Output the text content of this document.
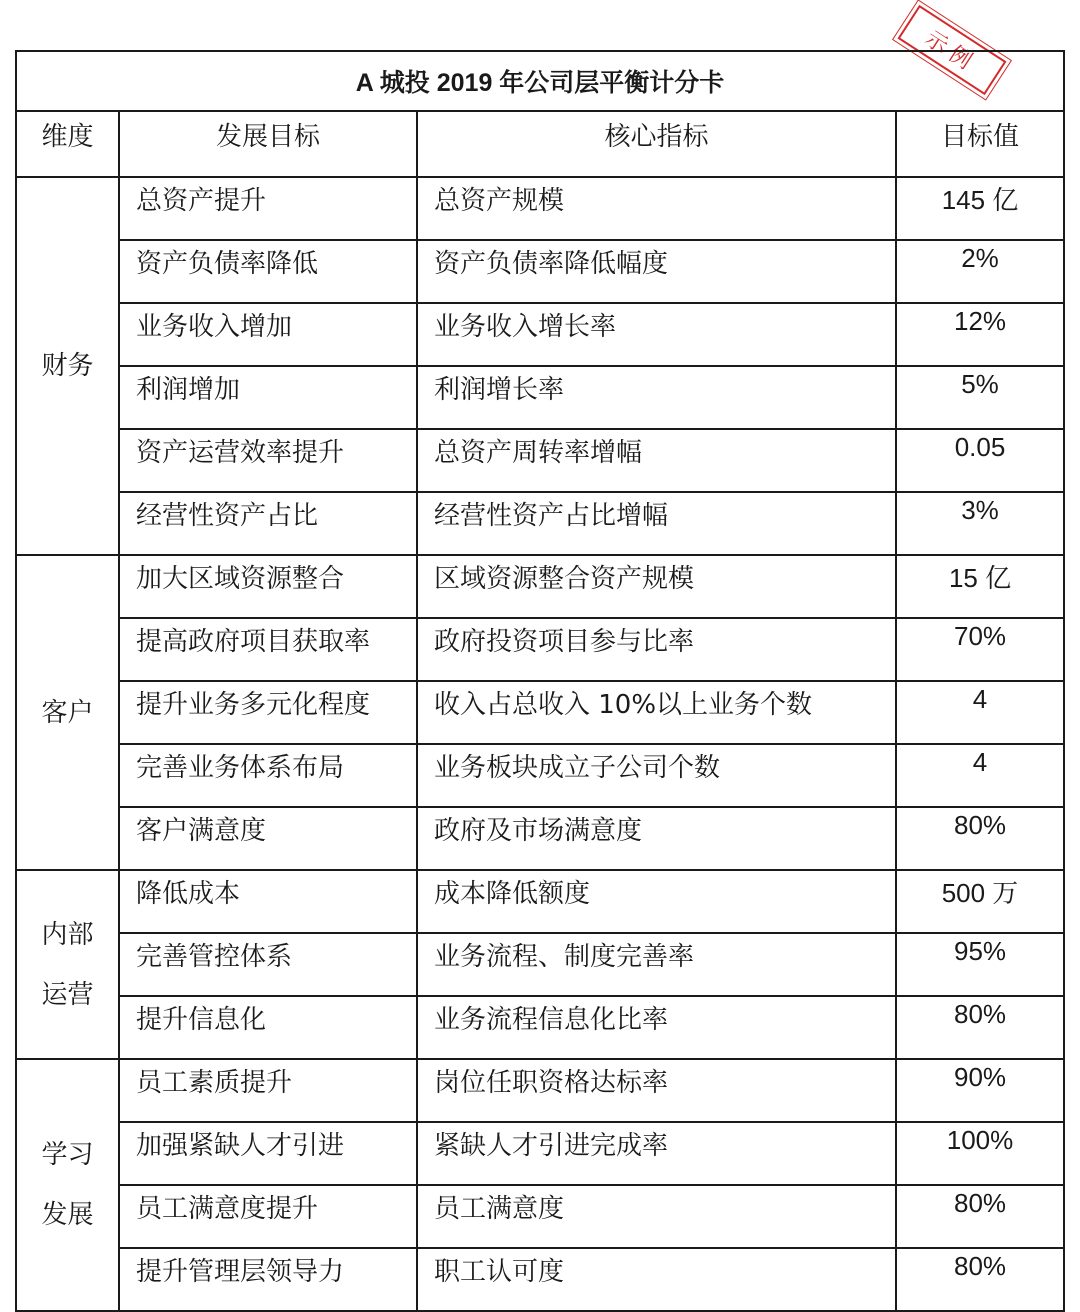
示例
A 城投 2019 年公司层平衡计分卡			
维度	发展目标	核心指标	目标值
财务	总资产提升	总资产规模	145 亿
	资产负债率降低	资产负债率降低幅度	2%
	业务收入增加	业务收入增长率	12%
	利润增加	利润增长率	5%
	资产运营效率提升	总资产周转率增幅	0.05
	经营性资产占比	经营性资产占比增幅	3%
客户	加大区域资源整合	区域资源整合资产规模	15 亿
	提高政府项目获取率	政府投资项目参与比率	70%
	提升业务多元化程度	收入占总收入 10%以上业务个数	4
	完善业务体系布局	业务板块成立子公司个数	4
	客户满意度	政府及市场满意度	80%

内部
运营	降低成本	成本降低额度	500 万
	完善管控体系	业务流程、制度完善率	95%
	提升信息化	业务流程信息化比率	80%

学习
发展	员工素质提升	岗位任职资格达标率	90%
	加强紧缺人才引进	紧缺人才引进完成率	100%
	员工满意度提升	员工满意度	80%
	提升管理层领导力	职工认可度	80%
